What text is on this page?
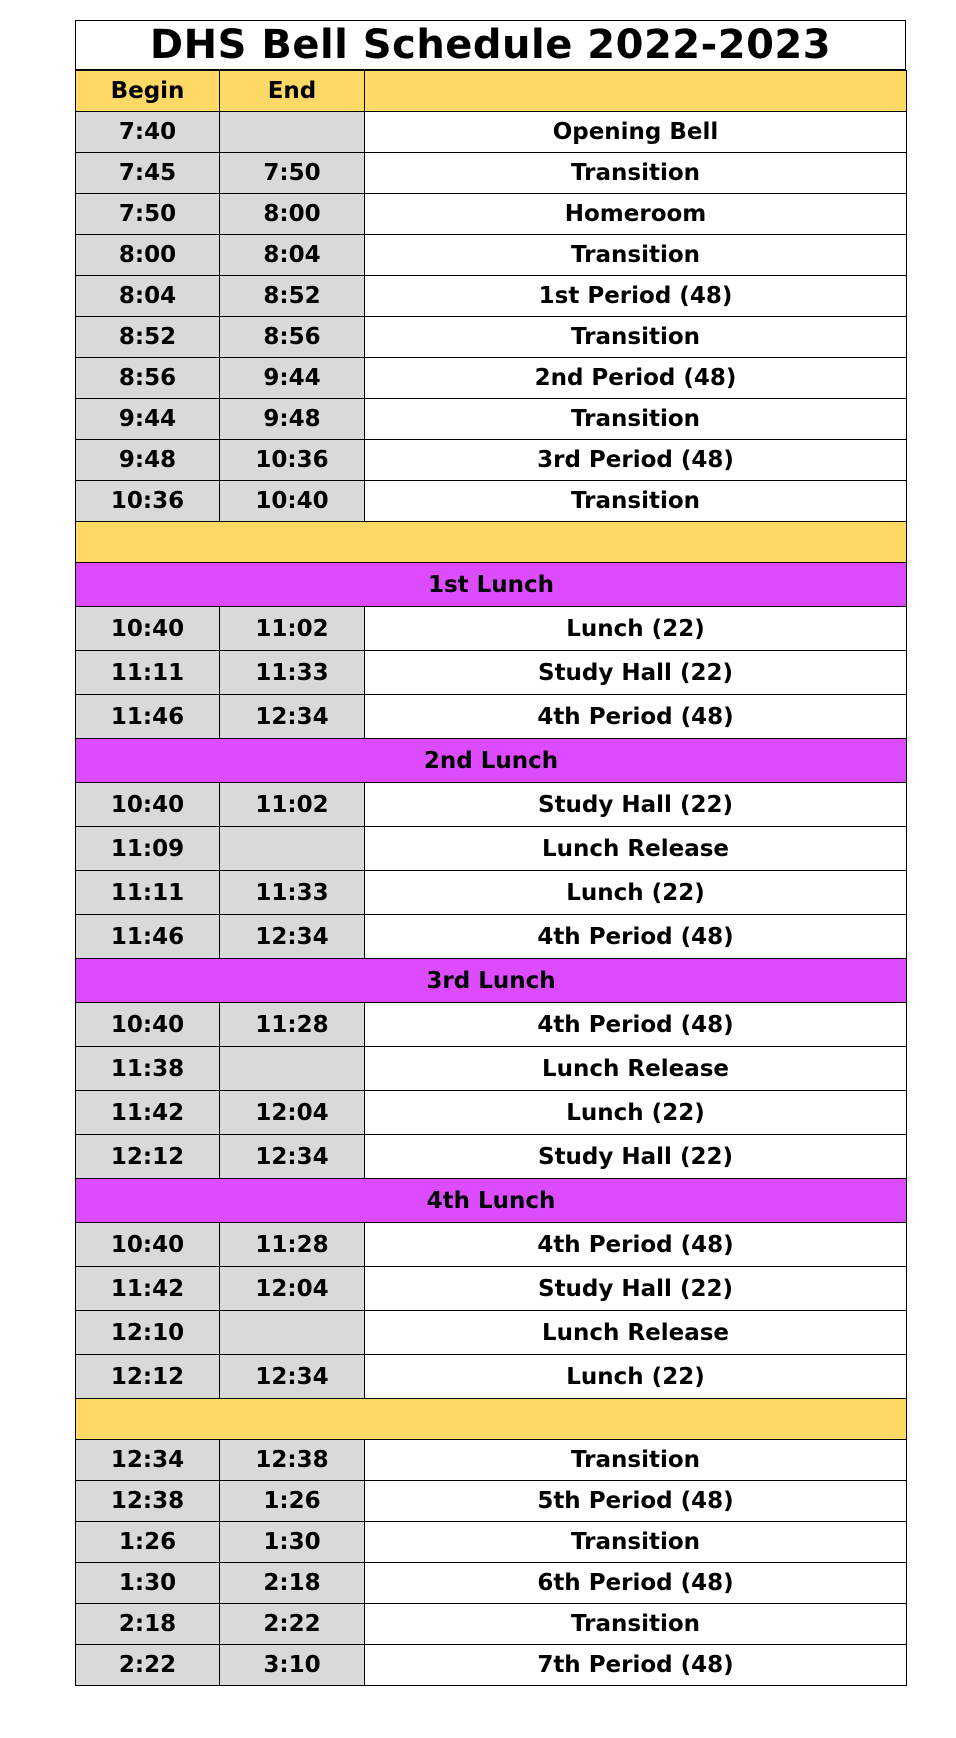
DHS Bell Schedule 2022-2023
Begin	End	
7:40		Opening Bell
7:45	7:50	Transition
7:50	8:00	Homeroom
8:00	8:04	Transition
8:04	8:52	1st Period (48)
8:52	8:56	Transition
8:56	9:44	2nd Period (48)
9:44	9:48	Transition
9:48	10:36	3rd Period (48)
10:36	10:40	Transition

1st Lunch		
10:40	11:02	Lunch (22)
11:11	11:33	Study Hall (22)
11:46	12:34	4th Period (48)
2nd Lunch		
10:40	11:02	Study Hall (22)
11:09		Lunch Release
11:11	11:33	Lunch (22)
11:46	12:34	4th Period (48)
3rd Lunch		
10:40	11:28	4th Period (48)
11:38		Lunch Release
11:42	12:04	Lunch (22)
12:12	12:34	Study Hall (22)
4th Lunch		
10:40	11:28	4th Period (48)
11:42	12:04	Study Hall (22)
12:10		Lunch Release
12:12	12:34	Lunch (22)

12:34	12:38	Transition
12:38	1:26	5th Period (48)
1:26	1:30	Transition
1:30	2:18	6th Period (48)
2:18	2:22	Transition
2:22	3:10	7th Period (48)
